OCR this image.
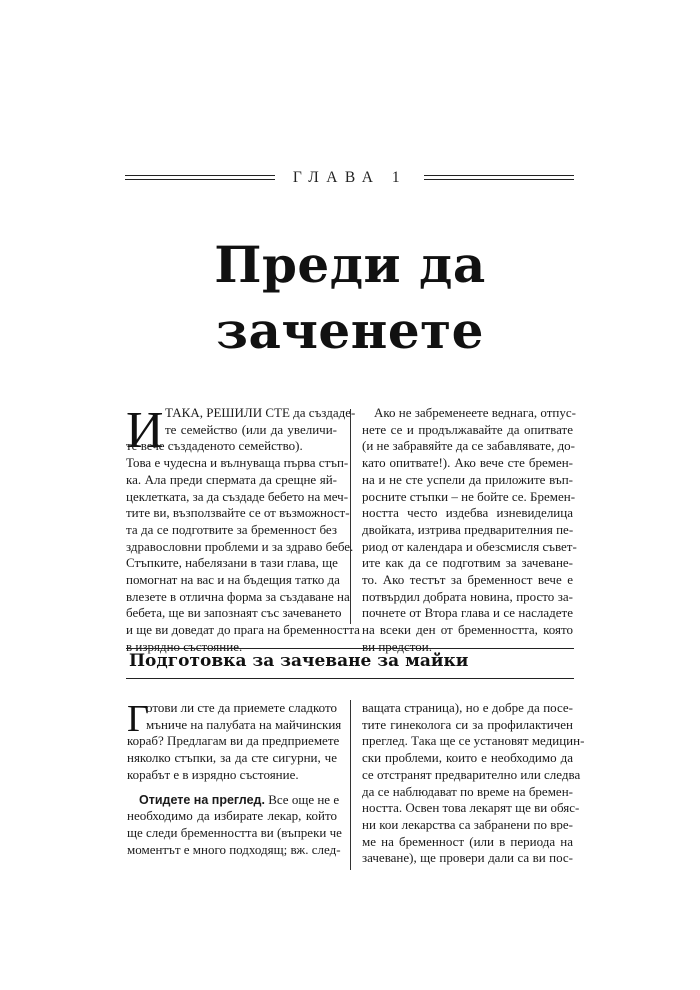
ГЛАВА 1
Преди да
заченете
И ТАКА, РЕШИЛИ СТЕ да създаде-
те семейство (или да увеличи-
те вече създаденото семейство).
Това е чудесна и вълнуваща първа стъп-
ка. Ала преди спермата да срещне яй-
цеклетката, за да създаде бебето на меч-
тите ви, възползвайте се от възможност-
та да се подготвите за бременност без
здравословни проблеми и за здраво бебе.
Стъпките, набелязани в тази глава, ще
помогнат на вас и на бъдещия татко да
влезете в отлична форма за създаване на
бебета, ще ви запознаят със зачеването
и ще ви доведат до прага на бременността
в изрядно състояние.
Ако не забременеете веднага, отпус-
нете се и продължавайте да опитвате
(и не забравяйте да се забавлявате, до-
като опитвате!). Ако вече сте бремен-
на и не сте успели да приложите въп-
росните стъпки – не бойте се. Бремен-
ността често издебва изневиделица
двойката, изтрива предварителния пе-
риод от календара и обезсмисля съвет-
ите как да се подготвим за зачеване-
то. Ако тестът за бременност вече е
потвърдил добрата новина, просто за-
почнете от Втора глава и се насладете
на всеки ден от бременността, която
ви предстои.
Подготовка за зачеване за майки
Г
отови ли сте да приемете сладкото
мъниче на палубата на майчинския
кораб? Предлагам ви да предприемете
няколко стъпки, за да сте сигурни, че
корабът е в изрядно състояние.
Отидете на преглед. Все още не е
необходимо да избирате лекар, който
ще следи бременността ви (въпреки че
моментът е много подходящ; вж. след-
ващата страница), но е добре да посе-
тите гинеколога си за профилактичен
преглед. Така ще се установят медицин-
ски проблеми, които е необходимо да
се отстранят предварително или следва
да се наблюдават по време на бремен-
ността. Освен това лекарят ще ви обяс-
ни кои лекарства са забранени по вре-
ме на бременност (или в периода на
зачеване), ще провери дали са ви пос-
